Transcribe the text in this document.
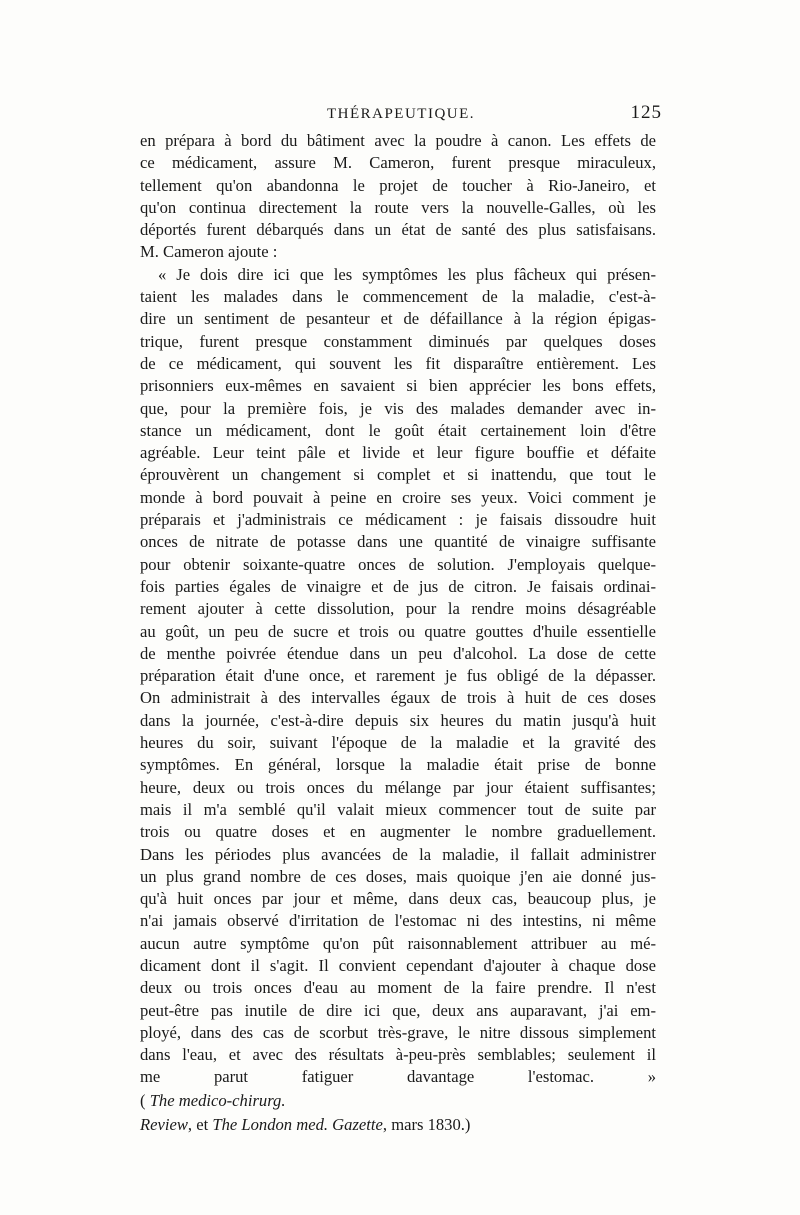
THÉRAPEUTIQUE.	125
en prépara à bord du bâtiment avec la poudre à canon. Les effets de
ce médicament, assure M. Cameron, furent presque miraculeux,
tellement qu'on abandonna le projet de toucher à Rio-Janeiro, et
qu'on continua directement la route vers la nouvelle-Galles, où les
déportés furent débarqués dans un état de santé des plus satisfaisans.
M. Cameron ajoute :
« Je dois dire ici que les symptômes les plus fâcheux qui présen-
taient les malades dans le commencement de la maladie, c'est-à-
dire un sentiment de pesanteur et de défaillance à la région épigas-
trique, furent presque constamment diminués par quelques doses
de ce médicament, qui souvent les fit disparaître entièrement. Les
prisonniers eux-mêmes en savaient si bien apprécier les bons effets,
que, pour la première fois, je vis des malades demander avec in-
stance un médicament, dont le goût était certainement loin d'être
agréable. Leur teint pâle et livide et leur figure bouffie et défaite
éprouvèrent un changement si complet et si inattendu, que tout le
monde à bord pouvait à peine en croire ses yeux. Voici comment je
préparais et j'administrais ce médicament : je faisais dissoudre huit
onces de nitrate de potasse dans une quantité de vinaigre suffisante
pour obtenir soixante-quatre onces de solution. J'employais quelque-
fois parties égales de vinaigre et de jus de citron. Je faisais ordinai-
rement ajouter à cette dissolution, pour la rendre moins désagréable
au goût, un peu de sucre et trois ou quatre gouttes d'huile essentielle
de menthe poivrée étendue dans un peu d'alcohol. La dose de cette
préparation était d'une once, et rarement je fus obligé de la dépasser.
On administrait à des intervalles égaux de trois à huit de ces doses
dans la journée, c'est-à-dire depuis six heures du matin jusqu'à huit
heures du soir, suivant l'époque de la maladie et la gravité des
symptômes. En général, lorsque la maladie était prise de bonne
heure, deux ou trois onces du mélange par jour étaient suffisantes;
mais il m'a semblé qu'il valait mieux commencer tout de suite par
trois ou quatre doses et en augmenter le nombre graduellement.
Dans les périodes plus avancées de la maladie, il fallait administrer
un plus grand nombre de ces doses, mais quoique j'en aie donné jus-
qu'à huit onces par jour et même, dans deux cas, beaucoup plus, je
n'ai jamais observé d'irritation de l'estomac ni des intestins, ni même
aucun autre symptôme qu'on pût raisonnablement attribuer au mé-
dicament dont il s'agit. Il convient cependant d'ajouter à chaque dose
deux ou trois onces d'eau au moment de la faire prendre. Il n'est
peut-être pas inutile de dire ici que, deux ans auparavant, j'ai em-
ployé, dans des cas de scorbut très-grave, le nitre dissous simplement
dans l'eau, et avec des résultats à-peu-près semblables; seulement il
me parut fatiguer davantage l'estomac. »
( The medico-chirurg.
Review, et The London med. Gazette, mars 1830.)
